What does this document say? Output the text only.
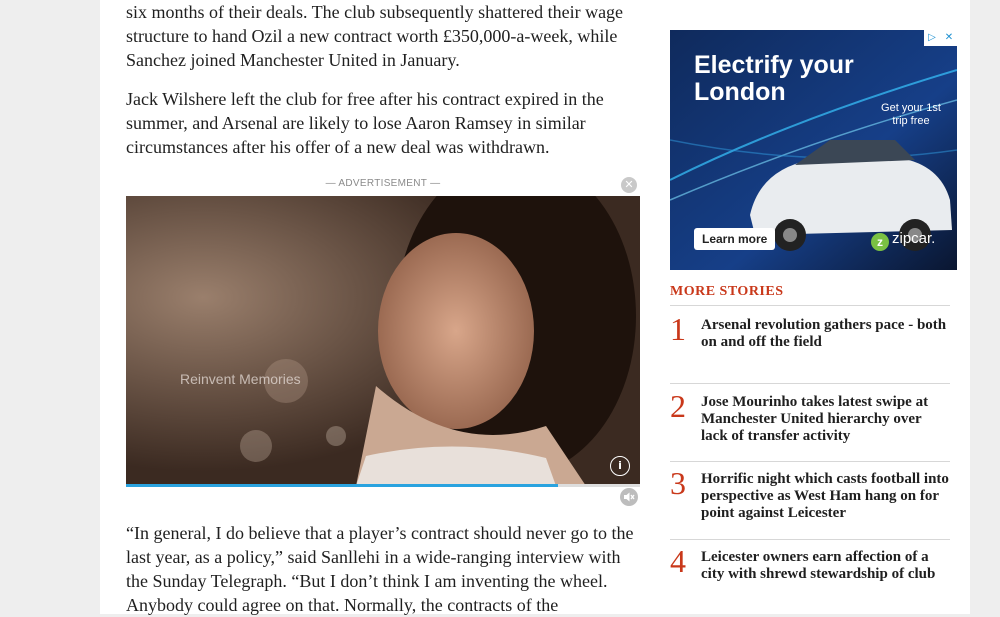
six months of their deals. The club subsequently shattered their wage structure to hand Ozil a new contract worth £350,000-a-week, while Sanchez joined Manchester United in January.

Jack Wilshere left the club for free after his contract expired in the summer, and Arsenal are likely to lose Aaron Ramsey in similar circumstances after his offer of a new deal was withdrawn.

“In general, I do believe that a player’s contract should never go to the last year, as a policy,” said Sanllehi in a wide-ranging interview with the Sunday Telegraph. “But I don’t think I am inventing the wheel. Anybody could agree on that. Normally, the contracts of the

— ADVERTISEMENT —	✕
Reinvent Memories
i
▷ ✕
Electrify your London
Get your 1st trip free
Learn more	z zipcar.
MORE STORIES
1 Arsenal revolution gathers pace - both on and off the field
2 Jose Mourinho takes latest swipe at Manchester United hierarchy over lack of transfer activity
3 Horrific night which casts football into perspective as West Ham hang on for point against Leicester
4 Leicester owners earn affection of a city with shrewd stewardship of club
